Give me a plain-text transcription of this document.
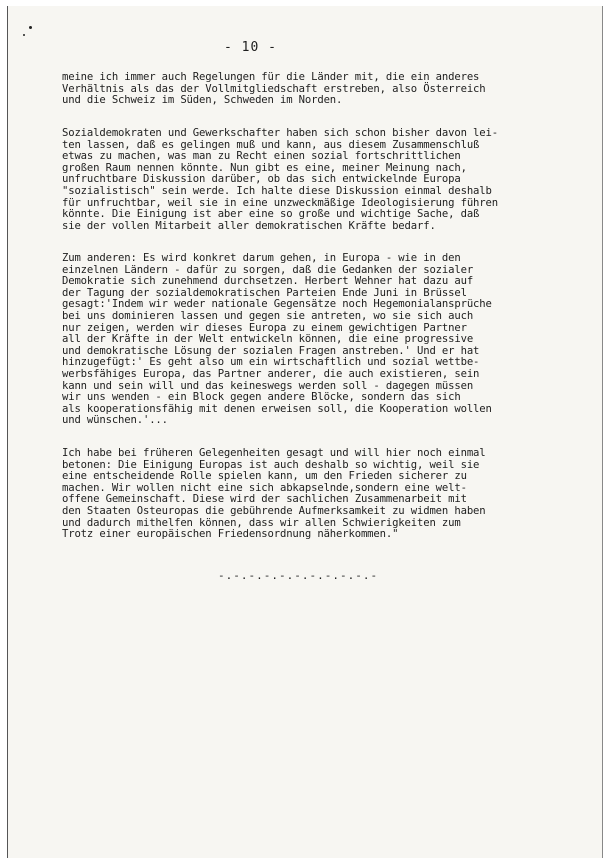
- 10 -

meine ich immer auch Regelungen für die Länder mit, die ein anderes
Verhältnis als das der Vollmitgliedschaft erstreben, also Österreich
und die Schweiz im Süden, Schweden im Norden.

Sozialdemokraten und Gewerkschafter haben sich schon bisher davon lei-
ten lassen, daß es gelingen muß und kann, aus diesem Zusammenschluß
etwas zu machen, was man zu Recht einen sozial fortschrittlichen
großen Raum nennen könnte. Nun gibt es eine, meiner Meinung nach,
unfruchtbare Diskussion darüber, ob das sich entwickelnde Europa
"sozialistisch" sein werde. Ich halte diese Diskussion einmal deshalb
für unfruchtbar, weil sie in eine unzweckmäßige Ideologisierung führen
könnte. Die Einigung ist aber eine so große und wichtige Sache, daß
sie der vollen Mitarbeit aller demokratischen Kräfte bedarf.

Zum anderen: Es wird konkret darum gehen, in Europa - wie in den
einzelnen Ländern - dafür zu sorgen, daß die Gedanken der sozialer
Demokratie sich zunehmend durchsetzen. Herbert Wehner hat dazu auf
der Tagung der sozialdemokratischen Parteien Ende Juni in Brüssel
gesagt:'Indem wir weder nationale Gegensätze noch Hegemonialansprüche
bei uns dominieren lassen und gegen sie antreten, wo sie sich auch
nur zeigen, werden wir dieses Europa zu einem gewichtigen Partner
all der Kräfte in der Welt entwickeln können, die eine progressive
und demokratische Lösung der sozialen Fragen anstreben.' Und er hat
hinzugefügt:' Es geht also um ein wirtschaftlich und sozial wettbe-
werbsfähiges Europa, das Partner anderer, die auch existieren, sein
kann und sein will und das keineswegs werden soll - dagegen müssen
wir uns wenden - ein Block gegen andere Blöcke, sondern das sich
als kooperationsfähig mit denen erweisen soll, die Kooperation wollen
und wünschen.'...

Ich habe bei früheren Gelegenheiten gesagt und will hier noch einmal
betonen: Die Einigung Europas ist auch deshalb so wichtig, weil sie
eine entscheidende Rolle spielen kann, um den Frieden sicherer zu
machen. Wir wollen nicht eine sich abkapselnde,sondern eine welt-
offene Gemeinschaft. Diese wird der sachlichen Zusammenarbeit mit
den Staaten Osteuropas die gebührende Aufmerksamkeit zu widmen haben
und dadurch mithelfen können, dass wir allen Schwierigkeiten zum
Trotz einer europäischen Friedensordnung näherkommen."

-.-.-.-.-.-.-.-.-.-.-
